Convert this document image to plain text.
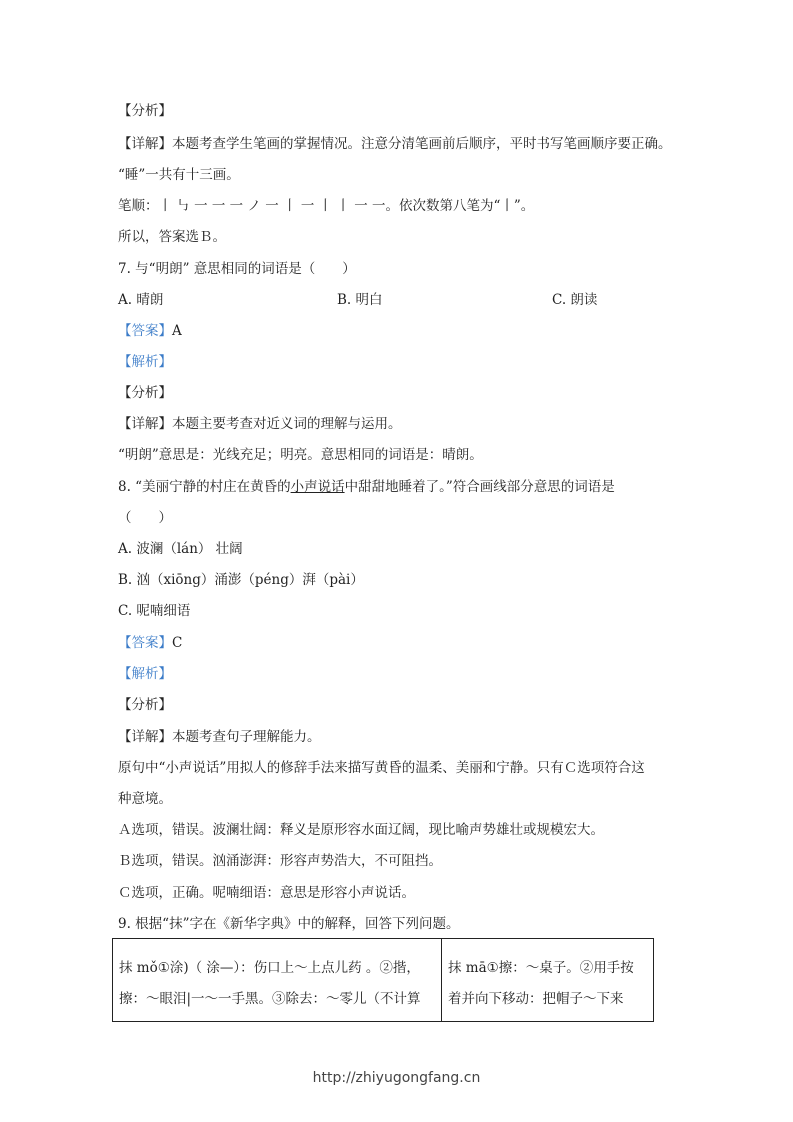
【分析】
【详解】本题考查学生笔画的掌握情况。注意分清笔画前后顺序，平时书写笔画顺序要正确。
“睡”一共有十三画。
笔顺：丨 ㇉ 一 一 一 ノ 一 丨 一 丨 丨 一 一。依次数第八笔为“丨”。
所以，答案选Ｂ。
7. 与“明朗” 意思相同的词语是（　　）
A. 晴朗	B. 明白	C. 朗读
【答案】A
【解析】
【分析】
【详解】本题主要考查对近义词的理解与运用。
“明朗”意思是：光线充足；明亮。意思相同的词语是：晴朗。
8. “美丽宁静的村庄在黄昏的小声说话中甜甜地睡着了。”符合画线部分意思的词语是
（　　）
A. 波澜（lán） 壮阔
B. 汹（xiōng）涌澎（péng）湃（pài）
C. 呢喃细语
【答案】C
【解析】
【分析】
【详解】本题考查句子理解能力。
原句中“小声说话”用拟人的修辞手法来描写黄昏的温柔、美丽和宁静。只有Ｃ选项符合这
种意境。
Ａ选项，错误。波澜壮阔：释义是原形容水面辽阔，现比喻声势雄壮或规模宏大。
Ｂ选项，错误。汹涌澎湃：形容声势浩大，不可阻挡。
Ｃ选项，正确。呢喃细语：意思是形容小声说话。
9. 根据“抹”字在《新华字典》中的解释，回答下列问题。
抹 mǒ①涂)（ 涂—）：伤口上～上点儿药 。②揩，
擦：～眼泪|一～一手黑。③除去：～零儿（不计算

抹 mā①擦：～桌子。②用手按
着并向下移动：把帽子～下来
http://zhiyugongfang.cn
